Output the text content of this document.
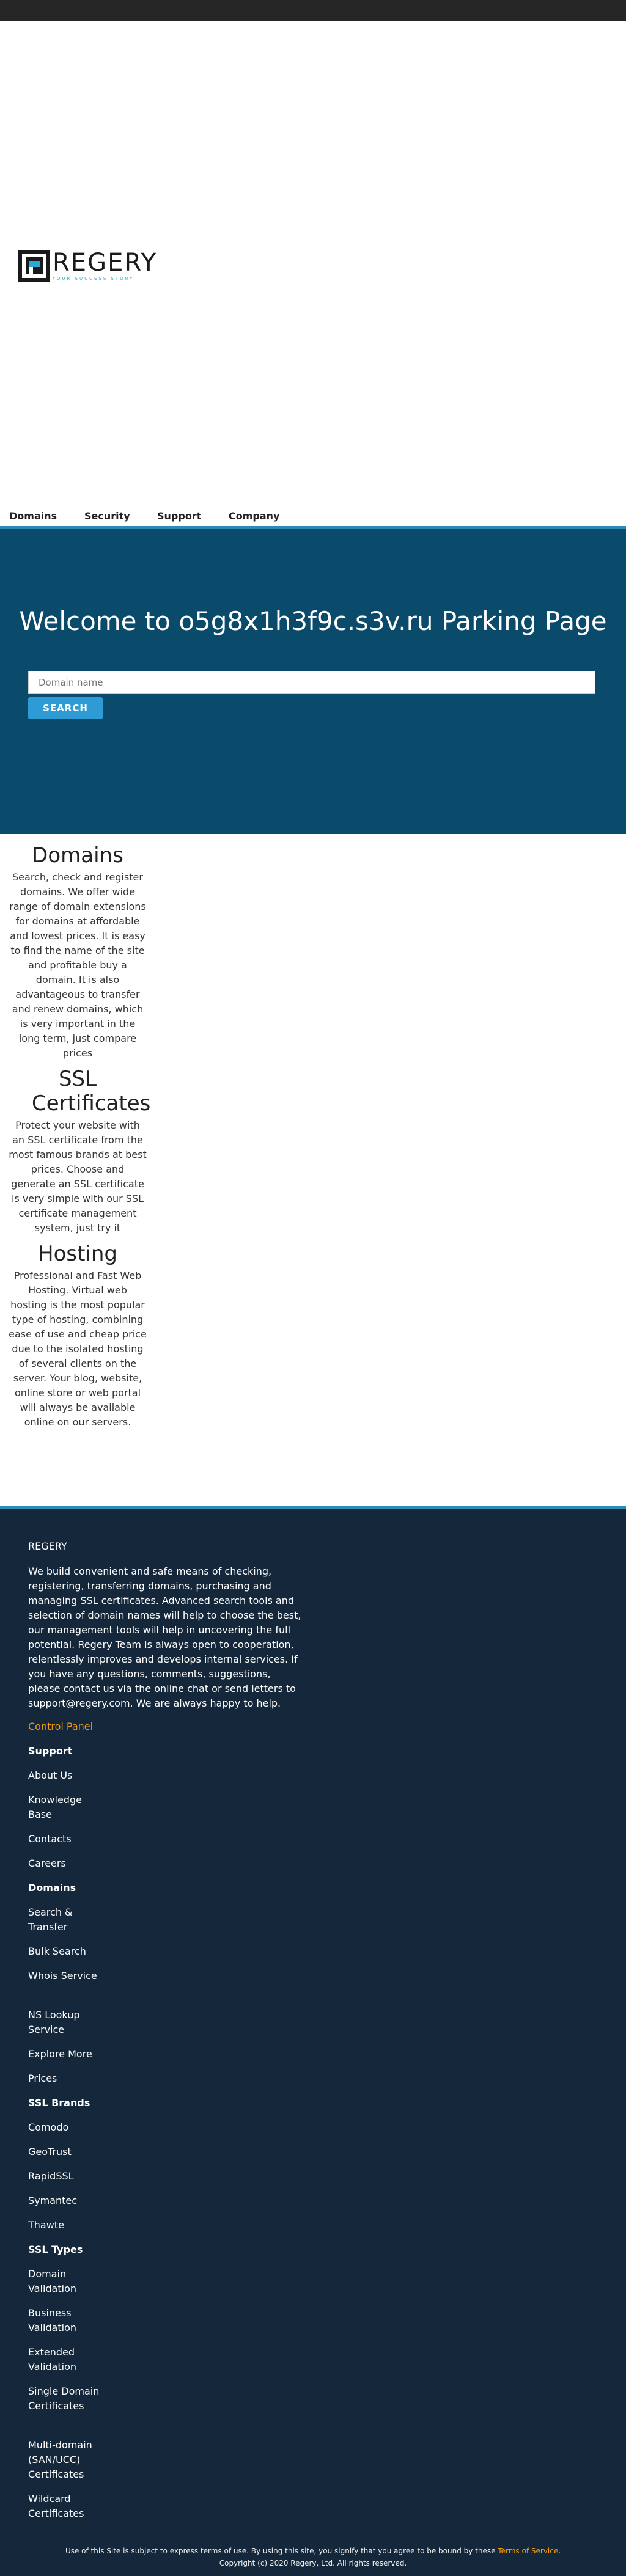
REGERY
YOUR SUCCESS STORY
Domains	Security	Support	Company
Welcome to o5g8x1h3f9c.s3v.ru Parking Page
Domain name
SEARCH
Domains
Search, check and register domains. We offer wide range of domain extensions for domains at affordable and lowest prices. It is easy to find the name of the site and profitable buy a domain. It is also advantageous to transfer and renew domains, which is very important in the long term, just compare prices
SSL Certificates
Protect your website with an SSL certificate from the most famous brands at best prices. Choose and generate an SSL certificate is very simple with our SSL certificate management system, just try it
Hosting
Professional and Fast Web Hosting. Virtual web hosting is the most popular type of hosting, combining ease of use and cheap price due to the isolated hosting of several clients on the server. Your blog, website, online store or web portal will always be available online on our servers.
REGERY
We build convenient and safe means of checking, registering, transferring domains, purchasing and managing SSL certificates. Advanced search tools and selection of domain names will help to choose the best, our management tools will help in uncovering the full potential. Regery Team is always open to cooperation, relentlessly improves and develops internal services. If you have any questions, comments, suggestions, please contact us via the online chat or send letters to support@regery.com. We are always happy to help.
Control Panel
Support
About Us
Knowledge Base
Contacts
Careers
Domains
Search & Transfer
Bulk Search
Whois Service
NS Lookup Service
Explore More
Prices
SSL Brands
Comodo
GeoTrust
RapidSSL
Symantec
Thawte
SSL Types
Domain Validation
Business Validation
Extended Validation
Single Domain Certificates
Multi-domain (SAN/UCC) Certificates
Wildcard Certificates
Use of this Site is subject to express terms of use. By using this site, you signify that you agree to be bound by these Terms of Service.
Copyright (c) 2020 Regery, Ltd. All rights reserved.
